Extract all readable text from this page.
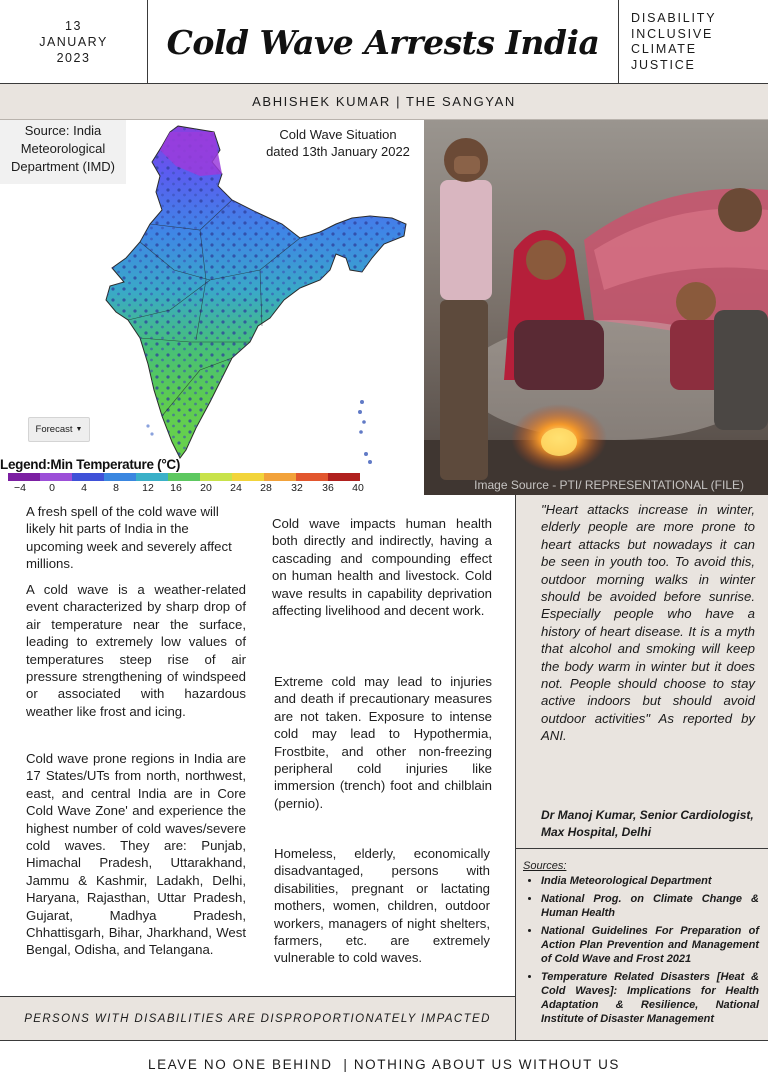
13
JANUARY
2023 Cold Wave Arrests India
DISABILITY
INCLUSIVE
CLIMATE
JUSTICE
ABHISHEK KUMAR | THE SANGYAN
Source: India
Meteorological
Department (IMD)
Cold Wave Situation
dated 13th January 2022
Forecast ▼
Legend:Min Temperature (°C)
−4 0 4 8 12 16 20 24 28 32 36 40	Image Source - PTI/ REPRESENTATIONAL (FILE)

A fresh spell of the cold wave will likely hit parts of India in the upcoming week and severely affect millions.

A cold wave is a weather-related event characterized by sharp drop of air temperature near the surface, leading to extremely low values of temperatures steep rise of air pressure strengthening of windspeed or associated with hazardous weather like frost and icing.

Cold wave prone regions in India are 17 States/UTs from north, northwest, east, and central India are in Core Cold Wave Zone' and experience the highest number of cold waves/severe cold waves. They are: Punjab, Himachal Pradesh, Uttarakhand, Jammu & Kashmir, Ladakh, Delhi, Haryana, Rajasthan, Uttar Pradesh, Gujarat, Madhya Pradesh, Chhattisgarh, Bihar, Jharkhand, West Bengal, Odisha, and Telangana.

Cold wave impacts human health both directly and indirectly, having a cascading and compounding effect on human health and livestock. Cold wave results in capability deprivation affecting livelihood and decent work.

Extreme cold may lead to injuries and death if precautionary measures are not taken. Exposure to intense cold may lead to Hypothermia, Frostbite, and other non-freezing peripheral cold injuries like immersion (trench) foot and chilblain (pernio).

Homeless, elderly, economically disadvantaged, persons with disabilities, pregnant or lactating mothers, women, children, outdoor workers, managers of night shelters, farmers, etc. are extremely vulnerable to cold waves.

"Heart attacks increase in winter, elderly people are more prone to heart attacks but nowadays it can be seen in youth too. To avoid this, outdoor morning walks in winter should be avoided before sunrise. Especially people who have a history of heart disease. It is a myth that alcohol and smoking will keep the body warm in winter but it does not. People should choose to stay active indoors but should avoid outdoor activities" As reported by ANI.
Dr Manoj Kumar, Senior Cardiologist, Max Hospital, Delhi
Sources:
• India Meteorological Department
• National Prog. on Climate Change & Human Health
• National Guidelines For Preparation of Action Plan Prevention and Management of Cold Wave and Frost 2021
• Temperature Related Disasters [Heat & Cold Waves]: Implications for Health Adaptation & Resilience, National Institute of Disaster Management
PERSONS WITH DISABILITIES ARE DISPROPORTIONATELY IMPACTED
LEAVE NO ONE BEHIND  | NOTHING ABOUT US WITHOUT US
